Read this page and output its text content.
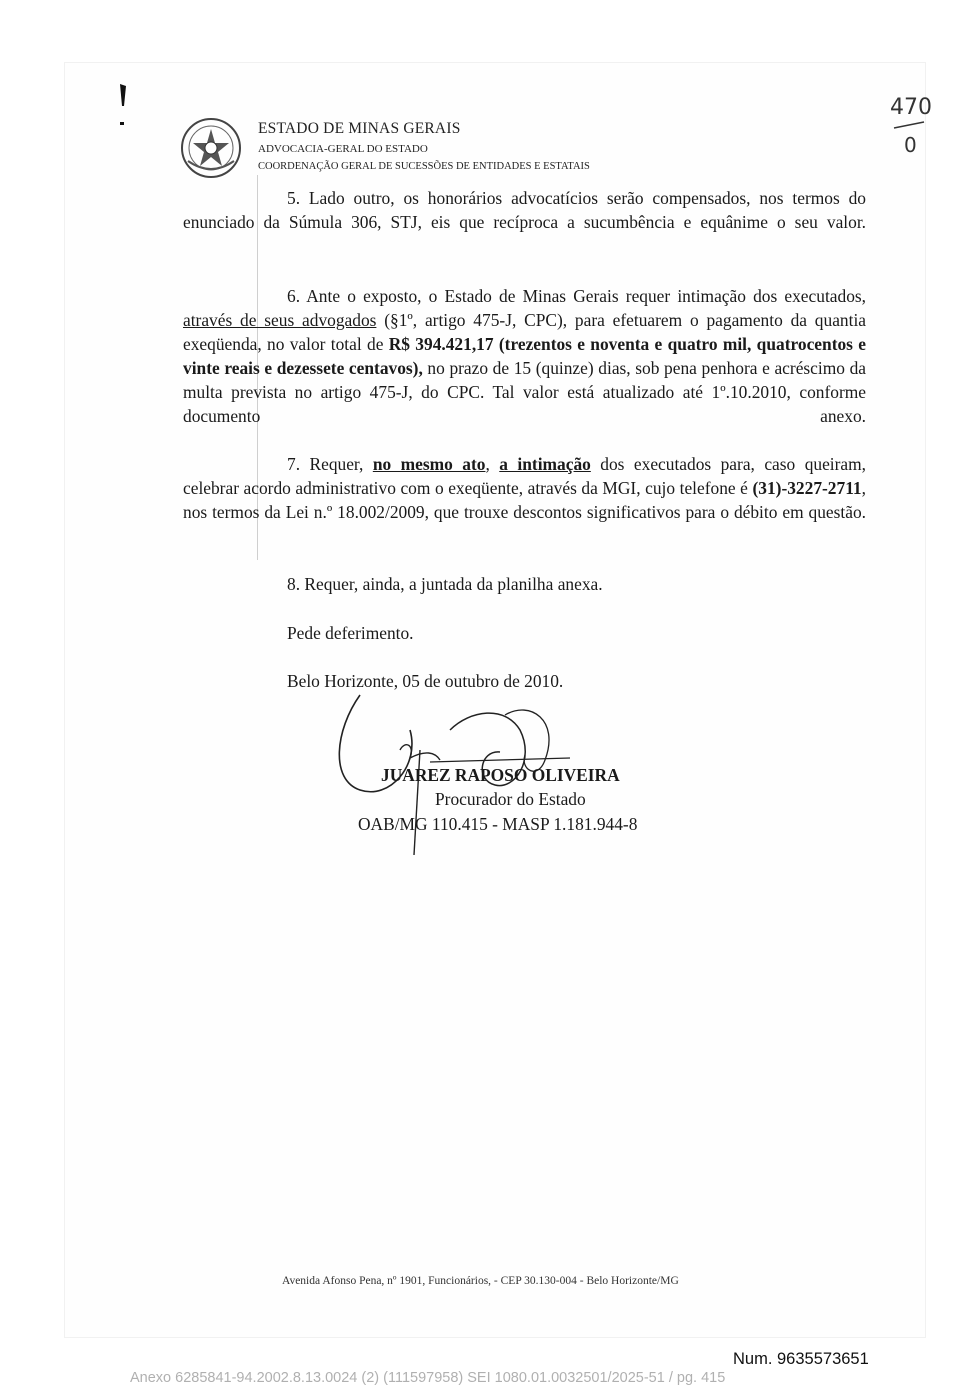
ESTADO DE MINAS GERAIS
ADVOCACIA-GERAL DO ESTADO
COORDENAÇÃO GERAL DE SUCESSÕES DE ENTIDADES E ESTATAIS
470
0
5. Lado outro, os honorários advocatícios serão compensados, nos termos do enunciado da Súmula 306, STJ, eis que recíproca a sucumbência e equânime o seu valor.
6. Ante o exposto, o Estado de Minas Gerais requer intimação dos executados, através de seus advogados (§1º, artigo 475-J, CPC), para efetuarem o pagamento da quantia exeqüenda, no valor total de R$ 394.421,17 (trezentos e noventa e quatro mil, quatrocentos e vinte reais e dezessete centavos), no prazo de 15 (quinze) dias, sob pena penhora e acréscimo da multa prevista no artigo 475-J, do CPC. Tal valor está atualizado até 1º.10.2010, conforme documento anexo.
7. Requer, no mesmo ato, a intimação dos executados para, caso queiram, celebrar acordo administrativo com o exeqüente, através da MGI, cujo telefone é (31)-3227-2711, nos termos da Lei n.º 18.002/2009, que trouxe descontos significativos para o débito em questão.
8. Requer, ainda, a juntada da planilha anexa.
Pede deferimento.
Belo Horizonte, 05 de outubro de 2010.
JUAREZ RAPOSO OLIVEIRA
Procurador do Estado
OAB/MG 110.415 - MASP 1.181.944-8
Avenida Afonso Pena, nº 1901, Funcionários, - CEP 30.130-004 - Belo Horizonte/MG
Num. 9635573651
Anexo 6285841-94.2002.8.13.0024 (2) (111597958) SEI 1080.01.0032501/2025-51 / pg. 415
